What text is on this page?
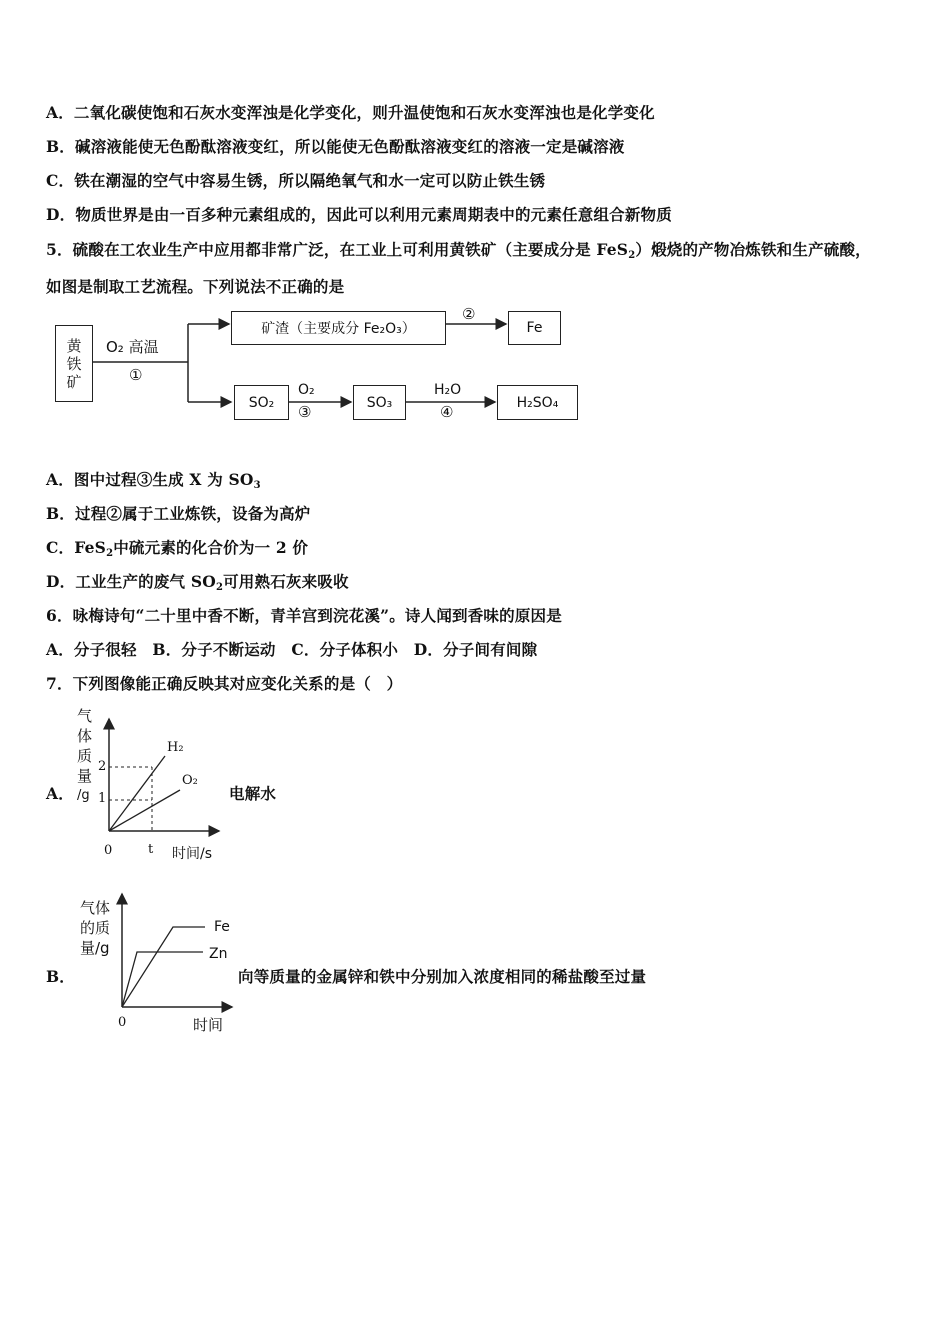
A．二氧化碳使饱和石灰水变浑浊是化学变化，则升温使饱和石灰水变浑浊也是化学变化
B．碱溶液能使无色酚酞溶液变红，所以能使无色酚酞溶液变红的溶液一定是碱溶液
C．铁在潮湿的空气中容易生锈，所以隔绝氧气和水一定可以防止铁生锈
D．物质世界是由一百多种元素组成的，因此可以利用元素周期表中的元素任意组合新物质
5．硫酸在工农业生产中应用都非常广泛，在工业上可利用黄铁矿（主要成分是 FeS$_2$）煅烧的产物冶炼铁和生产硫酸，
如图是制取工艺流程。下列说法不正确的是
黄铁矿
O₂ 高温
①
矿渣（主要成分 Fe₂O₃）
②
Fe
SO₂
O₂
③
SO₃
H₂O
④
H₂SO₄
A．图中过程③生成 X 为 $SO_3$
B．过程②属于工业炼铁，设备为高炉
C．FeS$_2$中硫元素的化合价为一 2 价
D．工业生产的废气 $SO_2$可用熟石灰来吸收
6．咏梅诗句“二十里中香不断，青羊宫到浣花溪”。诗人闻到香味的原因是
A．分子很轻　B．分子不断运动　C．分子体积小　D．分子间有间隙
7．下列图像能正确反映其对应变化关系的是（　）
A．	电解水
气
体
质
量
/g
2
1
H₂
O₂
0	t 时间/s
气体
的质
量/g
Fe
Zn
0	时间
B．	向等质量的金属锌和铁中分别加入浓度相同的稀盐酸至过量
